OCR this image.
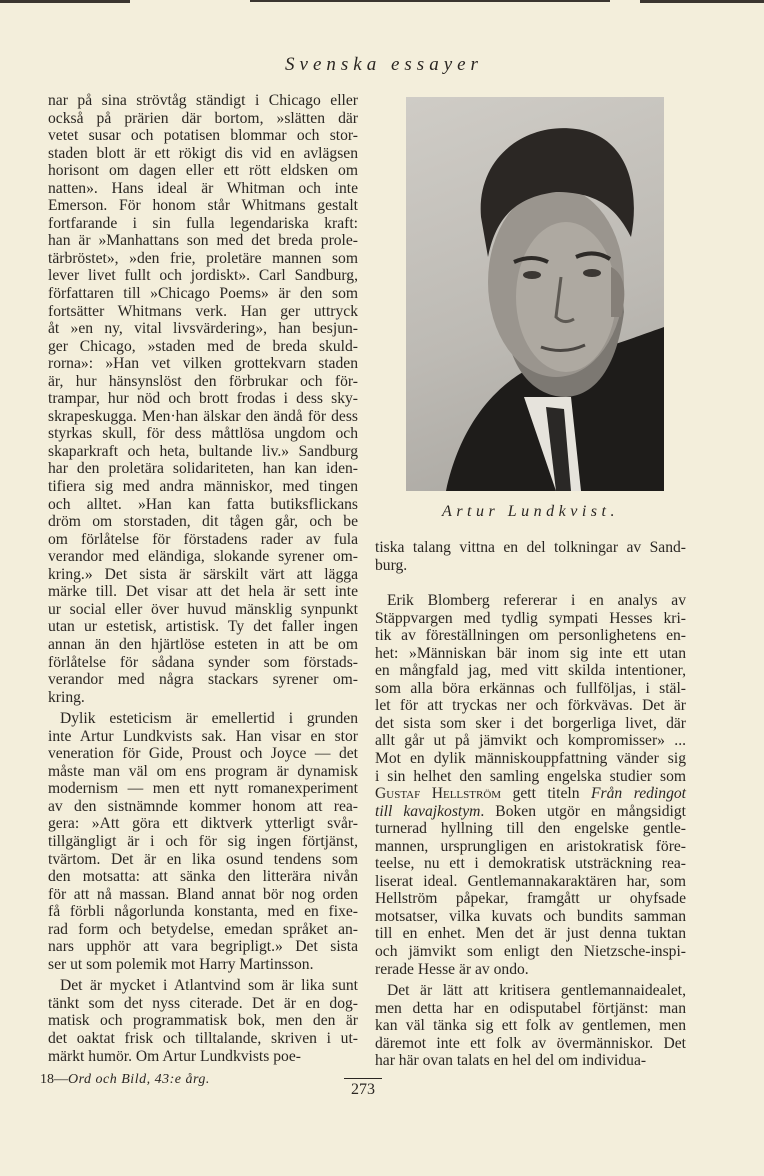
Svenska essayer
nar på sina strövtåg ständigt i Chicago eller
också på prärien där bortom, »slätten där
vetet susar och potatisen blommar och stor-
staden blott är ett rökigt dis vid en avlägsen
horisont om dagen eller ett rött eldsken om
natten». Hans ideal är Whitman och inte
Emerson. För honom står Whitmans gestalt
fortfarande i sin fulla legendariska kraft:
han är »Manhattans son med det breda prole-
tärbröstet», »den frie, proletäre mannen som
lever livet fullt och jordiskt». Carl Sandburg,
författaren till »Chicago Poems» är den som
fortsätter Whitmans verk. Han ger uttryck
åt »en ny, vital livsvärdering», han besjun-
ger Chicago, »staden med de breda skuld-
rorna»: »Han vet vilken grottekvarn staden
är, hur hänsynslöst den förbrukar och för-
trampar, hur nöd och brott frodas i dess sky-
skrapeskugga. Men·han älskar den ändå för dess
styrkas skull, för dess måttlösa ungdom och
skaparkraft och heta, bultande liv.» Sandburg
har den proletära solidariteten, han kan iden-
tifiera sig med andra människor, med tingen
och alltet. »Han kan fatta butiksflickans
dröm om storstaden, dit tågen går, och be
om förlåtelse för förstadens rader av fula
verandor med eländiga, slokande syrener om-
kring.» Det sista är särskilt värt att lägga
märke till. Det visar att det hela är sett inte
ur social eller över huvud mänsklig synpunkt
utan ur estetisk, artistisk. Ty det faller ingen
annan än den hjärtlöse esteten in att be om
förlåtelse för sådana synder som förstads-
verandor med några stackars syrener om-
kring.
Dylik esteticism är emellertid i grunden
inte Artur Lundkvists sak. Han visar en stor
veneration för Gide, Proust och Joyce — det
måste man väl om ens program är dynamisk
modernism — men ett nytt romanexperiment
av den sistnämnde kommer honom att rea-
gera: »Att göra ett diktverk ytterligt svår-
tillgängligt är i och för sig ingen förtjänst,
tvärtom. Det är en lika osund tendens som
den motsatta: att sänka den litterära nivån
för att nå massan. Bland annat bör nog orden
få förbli någorlunda konstanta, med en fixe-
rad form och betydelse, emedan språket an-
nars upphör att vara begripligt.» Det sista
ser ut som polemik mot Harry Martinsson.
Det är mycket i Atlantvind som är lika sunt
tänkt som det nyss citerade. Det är en dog-
matisk och programmatisk bok, men den är
det oaktat frisk och tilltalande, skriven i ut-
märkt humör. Om Artur Lundkvists poe-
Artur Lundkvist.
tiska talang vittna en del tolkningar av Sand-
burg.
Erik Blomberg refererar i en analys av
Stäppvargen med tydlig sympati Hesses kri-
tik av föreställningen om personlighetens en-
het: »Människan bär inom sig inte ett utan
en mångfald jag, med vitt skilda intentioner,
som alla böra erkännas och fullföljas, i stäl-
let för att tryckas ner och förkvävas. Det är
det sista som sker i det borgerliga livet, där
allt går ut på jämvikt och kompromisser» ...
Mot en dylik människouppfattning vänder sig
i sin helhet den samling engelska studier som
Gustaf Hellström gett titeln Från redingot
till kavajkostym. Boken utgör en mångsidigt
turnerad hyllning till den engelske gentle-
mannen, ursprungligen en aristokratisk före-
teelse, nu ett i demokratisk utsträckning rea-
liserat ideal. Gentlemannakaraktären har, som
Hellström påpekar, framgått ur ohyfsade
motsatser, vilka kuvats och bundits samman
till en enhet. Men det är just denna tuktan
och jämvikt som enligt den Nietzsche-inspi-
rerade Hesse är av ondo.
Det är lätt att kritisera gentlemannaidealet,
men detta har en odisputabel förtjänst: man
kan väl tänka sig ett folk av gentlemen, men
däremot inte ett folk av övermänniskor. Det
har här ovan talats en hel del om individua-
18—Ord och Bild, 43:e årg.
273
